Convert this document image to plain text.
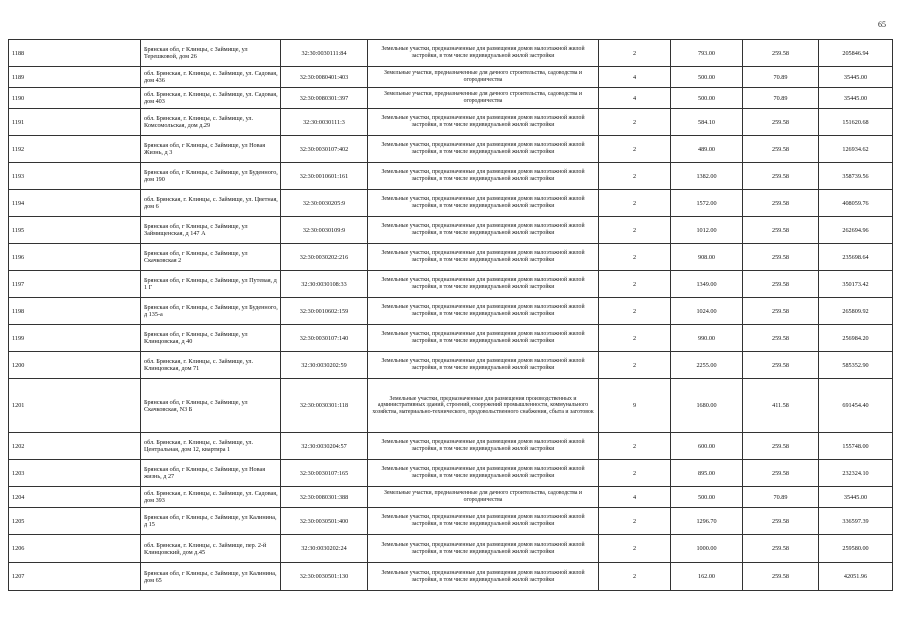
65
1188	Брянская обл, г Клинцы, с Займище, ул Терешковой, дом 26	32:30:0030111:84	Земельные участки, предназначенные для размещения домов малоэтажной жилой застройки, в том числе индивидуальной жилой застройки	2	793.00	259.58	205846.94
1189	обл. Брянская, г. Клинцы, с. Займище, ул. Садовая, дом 436	32:30:0080401:403	Земельные участки, предназначенные для дачного строительства, садоводства и огородничества	4	500.00	70.89	35445.00
1190	обл. Брянская, г. Клинцы, с. Займище, ул. Садовая, дом 403	32:30:0080301:397	Земельные участки, предназначенные для дачного строительства, садоводства и огородничества	4	500.00	70.89	35445.00
1191	обл. Брянская, г. Клинцы, с. Займище, ул. Комсомольская, дом д.29	32:30:0030111:3	Земельные участки, предназначенные для размещения домов малоэтажной жилой застройки, в том числе индивидуальной жилой застройки	2	584.10	259.58	151620.68
1192	Брянская обл, г Клинцы, с Займище, ул Новая Жизнь, д 3	32:30:0030107:402	Земельные участки, предназначенные для размещения домов малоэтажной жилой застройки, в том числе индивидуальной жилой застройки	2	489.00	259.58	126934.62
1193	Брянская обл, г Клинцы, с Займище, ул Буденного, дом 190	32:30:0010601:161	Земельные участки, предназначенные для размещения домов малоэтажной жилой застройки, в том числе индивидуальной жилой застройки	2	1382.00	259.58	358739.56
1194	обл. Брянская, г. Клинцы, с. Займище, ул. Цветная, дом 6	32:30:0030205:9	Земельные участки, предназначенные для размещения домов малоэтажной жилой застройки, в том числе индивидуальной жилой застройки	2	1572.00	259.58	408059.76
1195	Брянская обл, г Клинцы, с Займище, ул Займищенская, д 147 А	32:30:0030109:9	Земельные участки, предназначенные для размещения домов малоэтажной жилой застройки, в том числе индивидуальной жилой застройки	2	1012.00	259.58	262694.96
1196	Брянская обл, г Клинцы, с Займище, ул Скачковская 2	32:30:0030202:216	Земельные участки, предназначенные для размещения домов малоэтажной жилой застройки, в том числе индивидуальной жилой застройки	2	908.00	259.58	235698.64
1197	Брянская обл, г Клинцы, с Займище, ул Путевая, д 1 Г	32:30:0030108:33	Земельные участки, предназначенные для размещения домов малоэтажной жилой застройки, в том числе индивидуальной жилой застройки	2	1349.00	259.58	350173.42
1198	Брянская обл, г Клинцы, с Займище, ул Буденного, д 135-а	32:30:0010602:159	Земельные участки, предназначенные для размещения домов малоэтажной жилой застройки, в том числе индивидуальной жилой застройки	2	1024.00	259.58	265809.92
1199	Брянская обл, г Клинцы, с Займище, ул Клинцовская, д 40	32:30:0030107:140	Земельные участки, предназначенные для размещения домов малоэтажной жилой застройки, в том числе индивидуальной жилой застройки	2	990.00	259.58	256984.20
1200	обл. Брянская, г. Клинцы, с. Займище, ул. Клинцовская, дом 71	32:30:0030202:59	Земельные участки, предназначенные для размещения домов малоэтажной жилой застройки, в том числе индивидуальной жилой застройки	2	2255.00	259.58	585352.90
1201	Брянская обл, г Клинцы, с Займище, ул Скачковская, N3 Б	32:30:0030301:118	Земельные участки, предназначенные для размещения производственных и административных зданий, строений, сооружений промышленности, коммунального хозяйства, материально-технического, продовольственного снабжения, сбыта и заготовок	9	1680.00	411.58	691454.40
1202	обл. Брянская, г. Клинцы, с. Займище, ул. Центральная, дом 12, квартира 1	32:30:0030204:57	Земельные участки, предназначенные для размещения домов малоэтажной жилой застройки, в том числе индивидуальной жилой застройки	2	600.00	259.58	155748.00
1203	Брянская обл, г Клинцы, с Займище, ул Новая жизнь, д 27	32:30:0030107:165	Земельные участки, предназначенные для размещения домов малоэтажной жилой застройки, в том числе индивидуальной жилой застройки	2	895.00	259.58	232324.10
1204	обл. Брянская, г. Клинцы, с. Займище, ул. Садовая, дом 393	32:30:0080301:388	Земельные участки, предназначенные для дачного строительства, садоводства и огородничества	4	500.00	70.89	35445.00
1205	Брянская обл, г Клинцы, с Займище, ул Калинина, д 15	32:30:0030501:400	Земельные участки, предназначенные для размещения домов малоэтажной жилой застройки, в том числе индивидуальной жилой застройки	2	1296.70	259.58	336597.39
1206	обл. Брянская, г. Клинцы, с. Займище, пер. 2-й Клинцовский, дом д.45	32:30:0030202:24	Земельные участки, предназначенные для размещения домов малоэтажной жилой застройки, в том числе индивидуальной жилой застройки	2	1000.00	259.58	259580.00
1207	Брянская обл, г Клинцы, с Займище, ул Калинина, дом 65	32:30:0030501:130	Земельные участки, предназначенные для размещения домов малоэтажной жилой застройки, в том числе индивидуальной жилой застройки	2	162.00	259.58	42051.96
